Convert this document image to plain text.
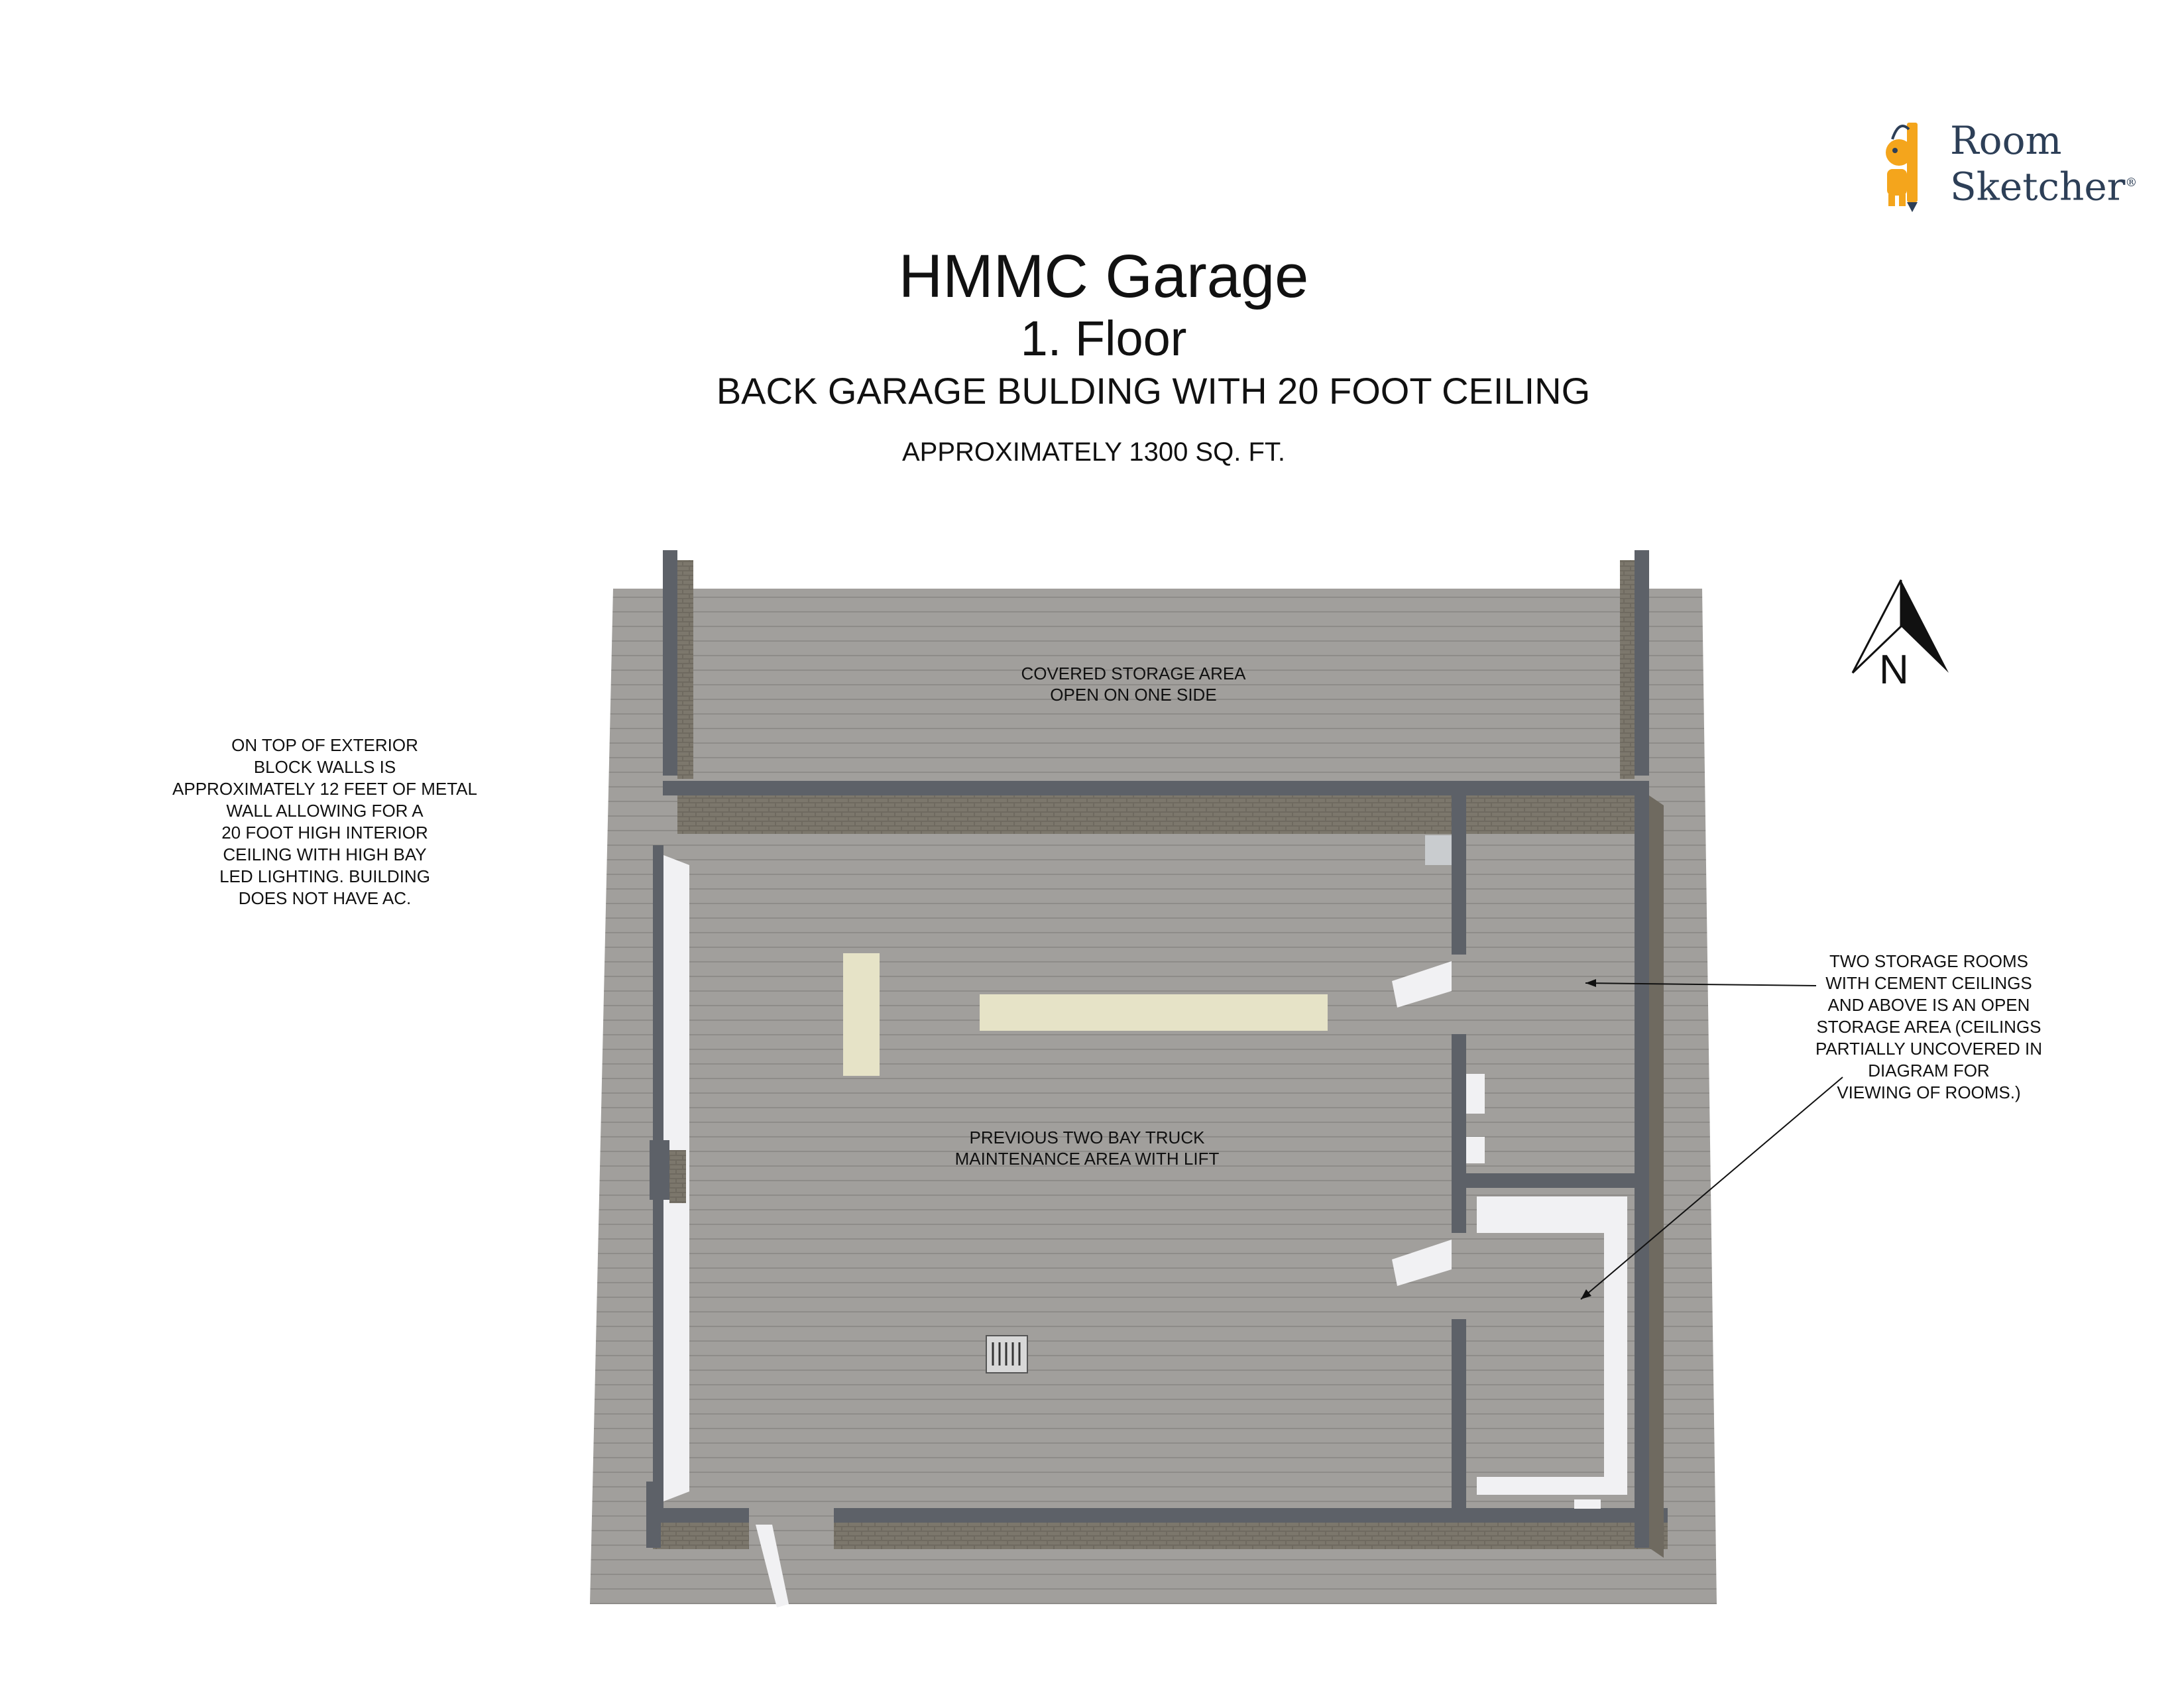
HMMC Garage
1. Floor
BACK GARAGE BULDING WITH 20 FOOT CEILING
APPROXIMATELY 1300 SQ. FT.
Room
Sketcher®
N
COVERED STORAGE AREA
OPEN ON ONE SIDE
PREVIOUS TWO BAY TRUCK
MAINTENANCE AREA WITH LIFT
ON TOP OF EXTERIOR
BLOCK WALLS IS
APPROXIMATELY 12 FEET OF METAL
WALL ALLOWING FOR A
20 FOOT HIGH INTERIOR
CEILING WITH HIGH BAY
LED LIGHTING. BUILDING
DOES NOT HAVE AC.
TWO STORAGE ROOMS
WITH CEMENT CEILINGS
AND ABOVE IS AN OPEN
STORAGE AREA (CEILINGS
PARTIALLY UNCOVERED IN
DIAGRAM FOR
VIEWING OF ROOMS.)
